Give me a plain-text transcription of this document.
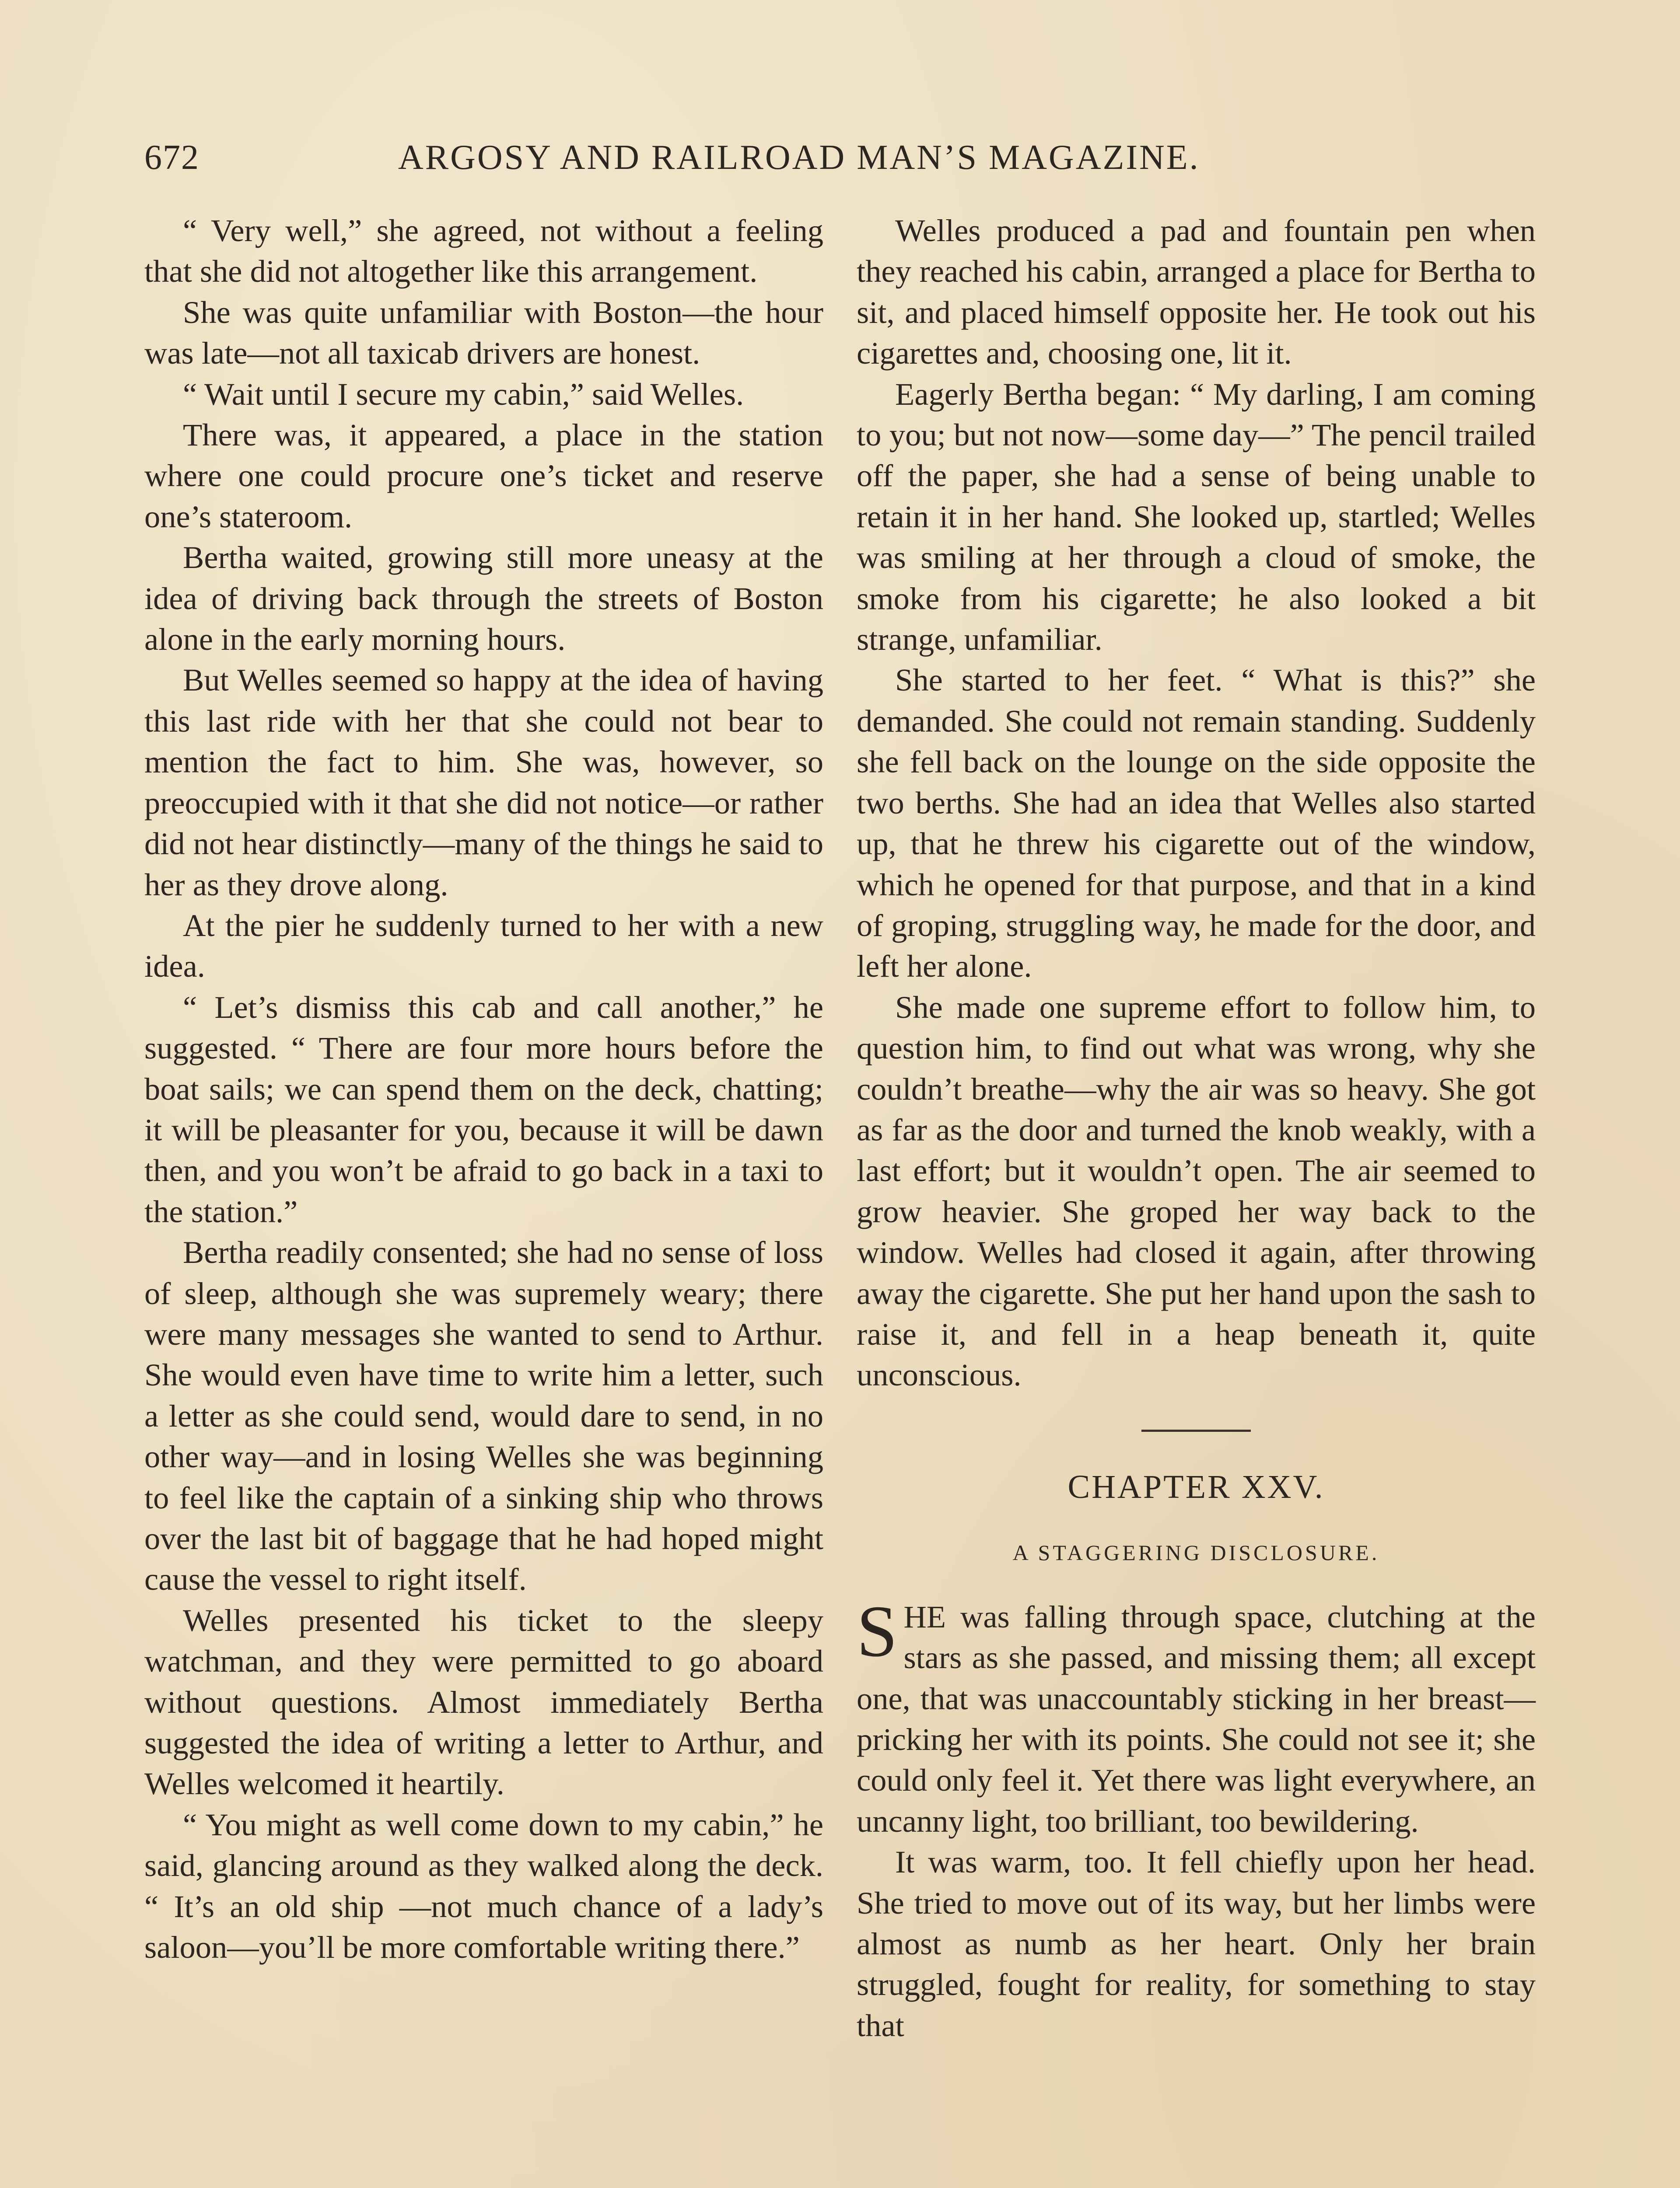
672	ARGOSY AND RAILROAD MAN’S MAGAZINE.

“ Very well,” she agreed, not without a feeling that she did not altogether like this arrangement.

She was quite unfamiliar with Boston—the hour was late—not all taxicab drivers are honest.

“ Wait until I secure my cabin,” said Welles.

There was, it appeared, a place in the station where one could procure one’s ticket and reserve one’s stateroom.

Bertha waited, growing still more uneasy at the idea of driving back through the streets of Boston alone in the early morning hours.

But Welles seemed so happy at the idea of having this last ride with her that she could not bear to mention the fact to him. She was, however, so preoccupied with it that she did not notice—or rather did not hear distinctly—many of the things he said to her as they drove along.

At the pier he suddenly turned to her with a new idea.

“ Let’s dismiss this cab and call another,” he suggested. “ There are four more hours before the boat sails; we can spend them on the deck, chatting; it will be pleasanter for you, because it will be dawn then, and you won’t be afraid to go back in a taxi to the station.”

Bertha readily consented; she had no sense of loss of sleep, although she was supremely weary; there were many messages she wanted to send to Arthur. She would even have time to write him a letter, such a letter as she could send, would dare to send, in no other way—and in losing Welles she was beginning to feel like the captain of a sinking ship who throws over the last bit of baggage that he had hoped might cause the vessel to right itself.

Welles presented his ticket to the sleepy watchman, and they were permitted to go aboard without questions. Almost immediately Bertha suggested the idea of writing a letter to Arthur, and Welles welcomed it heartily.

“ You might as well come down to my cabin,” he said, glancing around as they walked along the deck. “ It’s an old ship —not much chance of a lady’s saloon—you’ll be more comfortable writing there.”

Welles produced a pad and fountain pen when they reached his cabin, arranged a place for Bertha to sit, and placed himself opposite her. He took out his cigarettes and, choosing one, lit it.

Eagerly Bertha began: “ My darling, I am coming to you; but not now—some day—” The pencil trailed off the paper, she had a sense of being unable to retain it in her hand. She looked up, startled; Welles was smiling at her through a cloud of smoke, the smoke from his cigarette; he also looked a bit strange, unfamiliar.

She started to her feet. “ What is this?” she demanded. She could not remain standing. Suddenly she fell back on the lounge on the side opposite the two berths. She had an idea that Welles also started up, that he threw his cigarette out of the window, which he opened for that purpose, and that in a kind of groping, struggling way, he made for the door, and left her alone.

She made one supreme effort to follow him, to question him, to find out what was wrong, why she couldn’t breathe—why the air was so heavy. She got as far as the door and turned the knob weakly, with a last effort; but it wouldn’t open. The air seemed to grow heavier. She groped her way back to the window. Welles had closed it again, after throwing away the cigarette. She put her hand upon the sash to raise it, and fell in a heap beneath it, quite unconscious.

CHAPTER XXV.
A STAGGERING DISCLOSURE.

SHE was falling through space, clutching at the stars as she passed, and missing them; all except one, that was unaccountably sticking in her breast—pricking her with its points. She could not see it; she could only feel it. Yet there was light everywhere, an uncanny light, too brilliant, too bewildering.

It was warm, too. It fell chiefly upon her head. She tried to move out of its way, but her limbs were almost as numb as her heart. Only her brain struggled, fought for reality, for something to stay that
